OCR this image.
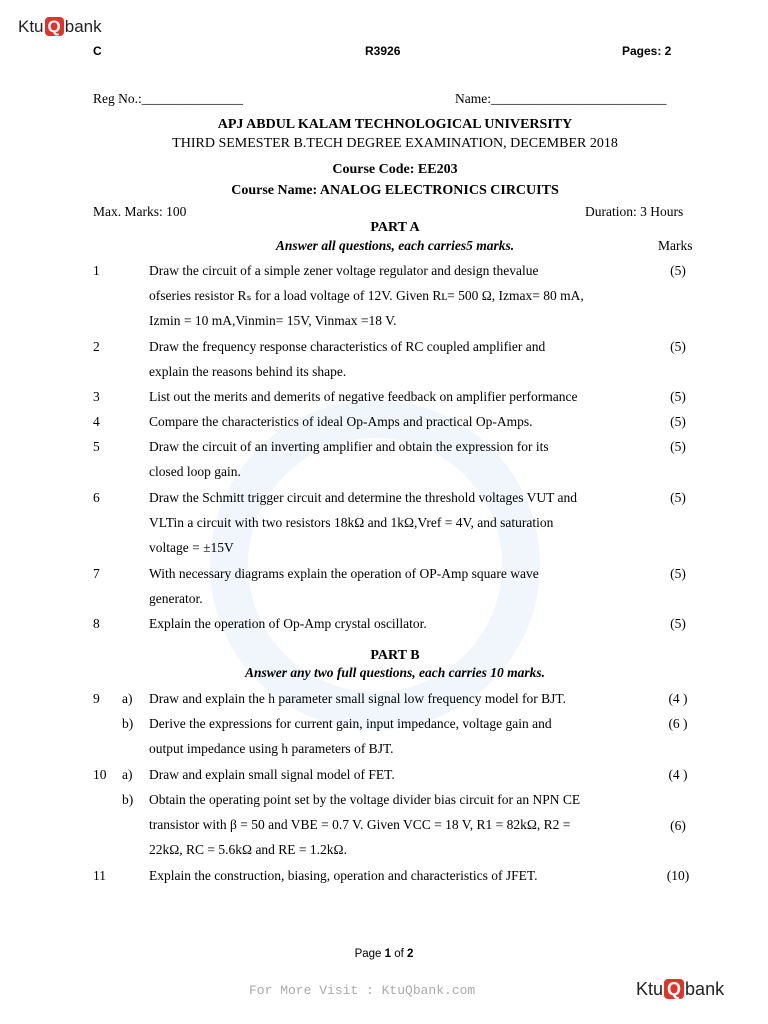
Ktu Q bank
C	R3926	Pages: 2
Reg No.:_______________	Name:__________________________
APJ ABDUL KALAM TECHNOLOGICAL UNIVERSITY
THIRD SEMESTER B.TECH DEGREE EXAMINATION, DECEMBER 2018
Course Code: EE203
Course Name: ANALOG ELECTRONICS CIRCUITS
Max. Marks: 100	Duration: 3 Hours
PART A
Answer all questions, each carries5 marks.	Marks
1	Draw the circuit of a simple zener voltage regulator and design thevalue
ofseries resistor Rₛ for a load voltage of 12V. Given Rʟ= 500 Ω, Izmax= 80 mA,
Izmin = 10 mA,Vinmin= 15V, Vinmax =18 V.
(5)
2	Draw the frequency response characteristics of RC coupled amplifier and
explain the reasons behind its shape.
(5)
3	List out the merits and demerits of negative feedback on amplifier performance	(5)
4	Compare the characteristics of ideal Op-Amps and practical Op-Amps.	(5)
5	Draw the circuit of an inverting amplifier and obtain the expression for its
closed loop gain.
(5)
6	Draw the Schmitt trigger circuit and determine the threshold voltages VUT and
VLTin a circuit with two resistors 18kΩ and 1kΩ,Vref = 4V, and saturation
voltage = ±15V
(5)
7	With necessary diagrams explain the operation of OP-Amp square wave
generator.
(5)
8	Explain the operation of Op-Amp crystal oscillator.	(5)
PART B
Answer any two full questions, each carries 10 marks.
9 a) Draw and explain the h parameter small signal low frequency model for BJT.	(4 )
b) Derive the expressions for current gain, input impedance, voltage gain and
output impedance using h parameters of BJT.
(6 )
10 a) Draw and explain small signal model of FET.	(4 )
b) Obtain the operating point set by the voltage divider bias circuit for an NPN CE
transistor with β = 50 and VBE = 0.7 V. Given VCC = 18 V, R1 = 82kΩ, R2 =
22kΩ, RC = 5.6kΩ and RE = 1.2kΩ.
(6)
11	Explain the construction, biasing, operation and characteristics of JFET.	(10)
Page 1 of 2
For More Visit : KtuQbank.com	Ktu Q bank
